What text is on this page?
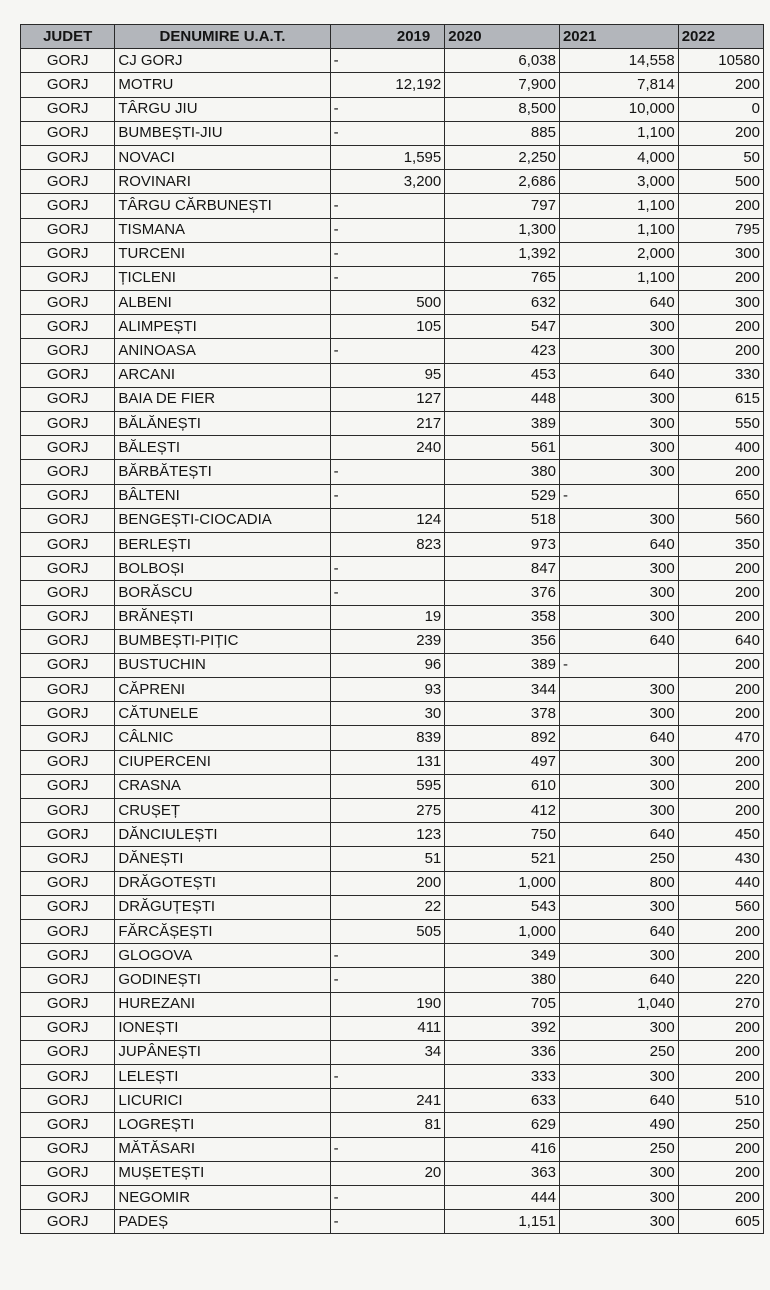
JUDET	DENUMIRE U.A.T.	2019	2020	2021	2022
GORJ	CJ GORJ	-	6,038	14,558	10580
GORJ	MOTRU	12,192	7,900	7,814	200
GORJ	TÂRGU JIU	-	8,500	10,000	0
GORJ	BUMBEȘTI-JIU	-	885	1,100	200
GORJ	NOVACI	1,595	2,250	4,000	50
GORJ	ROVINARI	3,200	2,686	3,000	500
GORJ	TÂRGU CĂRBUNEȘTI	-	797	1,100	200
GORJ	TISMANA	-	1,300	1,100	795
GORJ	TURCENI	-	1,392	2,000	300
GORJ	ȚICLENI	-	765	1,100	200
GORJ	ALBENI	500	632	640	300
GORJ	ALIMPEȘTI	105	547	300	200
GORJ	ANINOASA	-	423	300	200
GORJ	ARCANI	95	453	640	330
GORJ	BAIA DE FIER	127	448	300	615
GORJ	BĂLĂNEȘTI	217	389	300	550
GORJ	BĂLEȘTI	240	561	300	400
GORJ	BĂRBĂTEȘTI	-	380	300	200
GORJ	BÂLTENI	-	529	-	650
GORJ	BENGEȘTI-CIOCADIA	124	518	300	560
GORJ	BERLEȘTI	823	973	640	350
GORJ	BOLBOȘI	-	847	300	200
GORJ	BORĂSCU	-	376	300	200
GORJ	BRĂNEȘTI	19	358	300	200
GORJ	BUMBEȘTI-PIȚIC	239	356	640	640
GORJ	BUSTUCHIN	96	389	-	200
GORJ	CĂPRENI	93	344	300	200
GORJ	CĂTUNELE	30	378	300	200
GORJ	CÂLNIC	839	892	640	470
GORJ	CIUPERCENI	131	497	300	200
GORJ	CRASNA	595	610	300	200
GORJ	CRUȘEȚ	275	412	300	200
GORJ	DĂNCIULEȘTI	123	750	640	450
GORJ	DĂNEȘTI	51	521	250	430
GORJ	DRĂGOTEȘTI	200	1,000	800	440
GORJ	DRĂGUȚEȘTI	22	543	300	560
GORJ	FĂRCĂȘEȘTI	505	1,000	640	200
GORJ	GLOGOVA	-	349	300	200
GORJ	GODINEȘTI	-	380	640	220
GORJ	HUREZANI	190	705	1,040	270
GORJ	IONEȘTI	411	392	300	200
GORJ	JUPÂNEȘTI	34	336	250	200
GORJ	LELEȘTI	-	333	300	200
GORJ	LICURICI	241	633	640	510
GORJ	LOGREȘTI	81	629	490	250
GORJ	MĂTĂSARI	-	416	250	200
GORJ	MUȘETEȘTI	20	363	300	200
GORJ	NEGOMIR	-	444	300	200
GORJ	PADEȘ	-	1,151	300	605
